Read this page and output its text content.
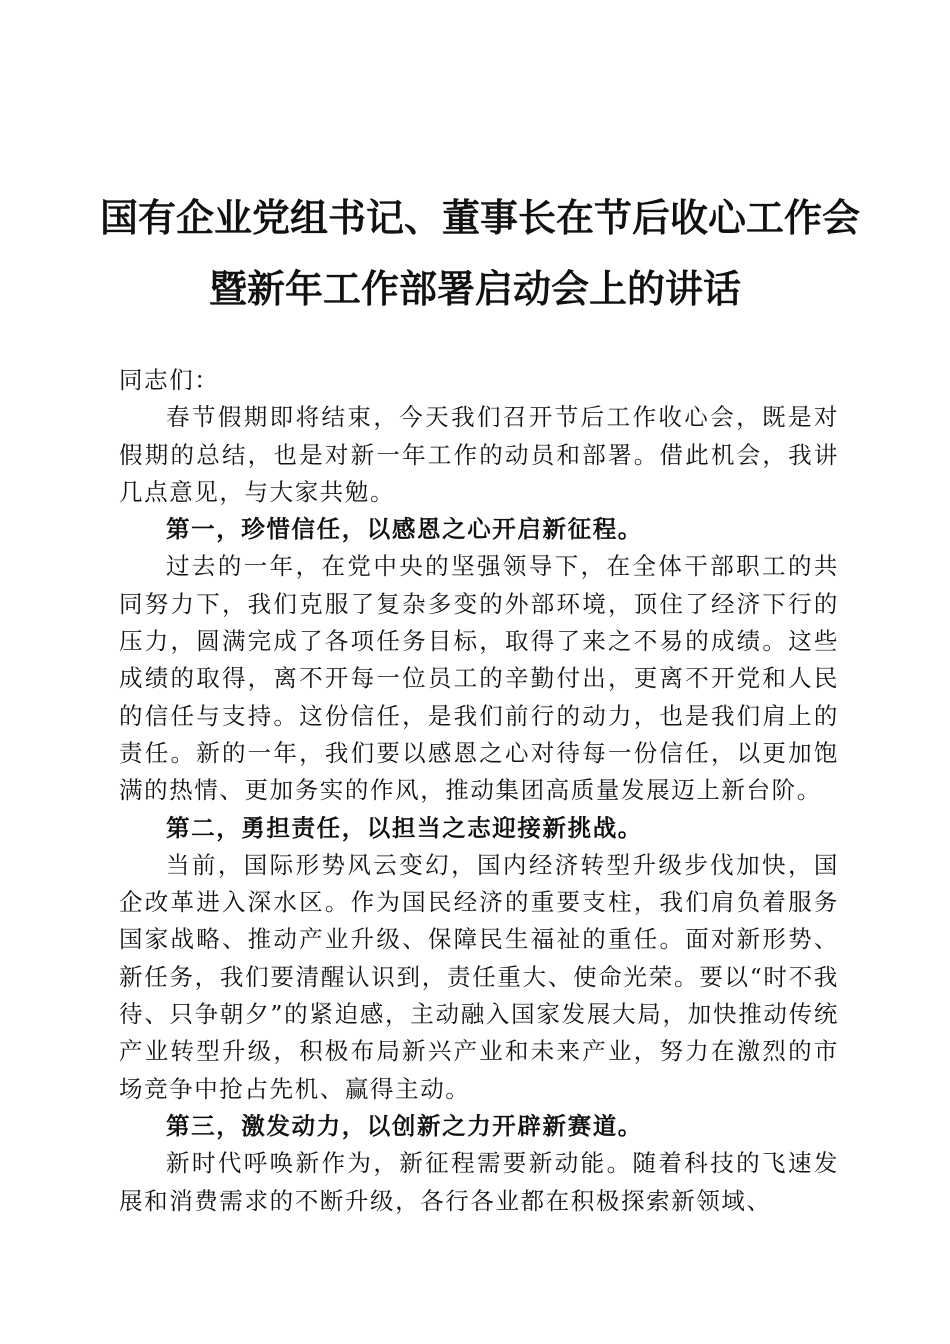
国有企业党组书记、董事长在节后收心工作会
暨新年工作部署启动会上的讲话

同志们：

春节假期即将结束，今天我们召开节后工作收心会，既是对假期的总结，也是对新一年工作的动员和部署。借此机会，我讲几点意见，与大家共勉。

第一，珍惜信任，以感恩之心开启新征程。

过去的一年，在党中央的坚强领导下，在全体干部职工的共同努力下，我们克服了复杂多变的外部环境，顶住了经济下行的压力，圆满完成了各项任务目标，取得了来之不易的成绩。这些成绩的取得，离不开每一位员工的辛勤付出，更离不开党和人民的信任与支持。这份信任，是我们前行的动力，也是我们肩上的责任。新的一年，我们要以感恩之心对待每一份信任，以更加饱满的热情、更加务实的作风，推动集团高质量发展迈上新台阶。

第二，勇担责任，以担当之志迎接新挑战。

当前，国际形势风云变幻，国内经济转型升级步伐加快，国企改革进入深水区。作为国民经济的重要支柱，我们肩负着服务国家战略、推动产业升级、保障民生福祉的重任。面对新形势、新任务，我们要清醒认识到，责任重大、使命光荣。要以“时不我待、只争朝夕”的紧迫感，主动融入国家发展大局，加快推动传统产业转型升级，积极布局新兴产业和未来产业，努力在激烈的市场竞争中抢占先机、赢得主动。

第三，激发动力，以创新之力开辟新赛道。

新时代呼唤新作为，新征程需要新动能。随着科技的飞速发展和消费需求的不断升级，各行各业都在积极探索新领域、
